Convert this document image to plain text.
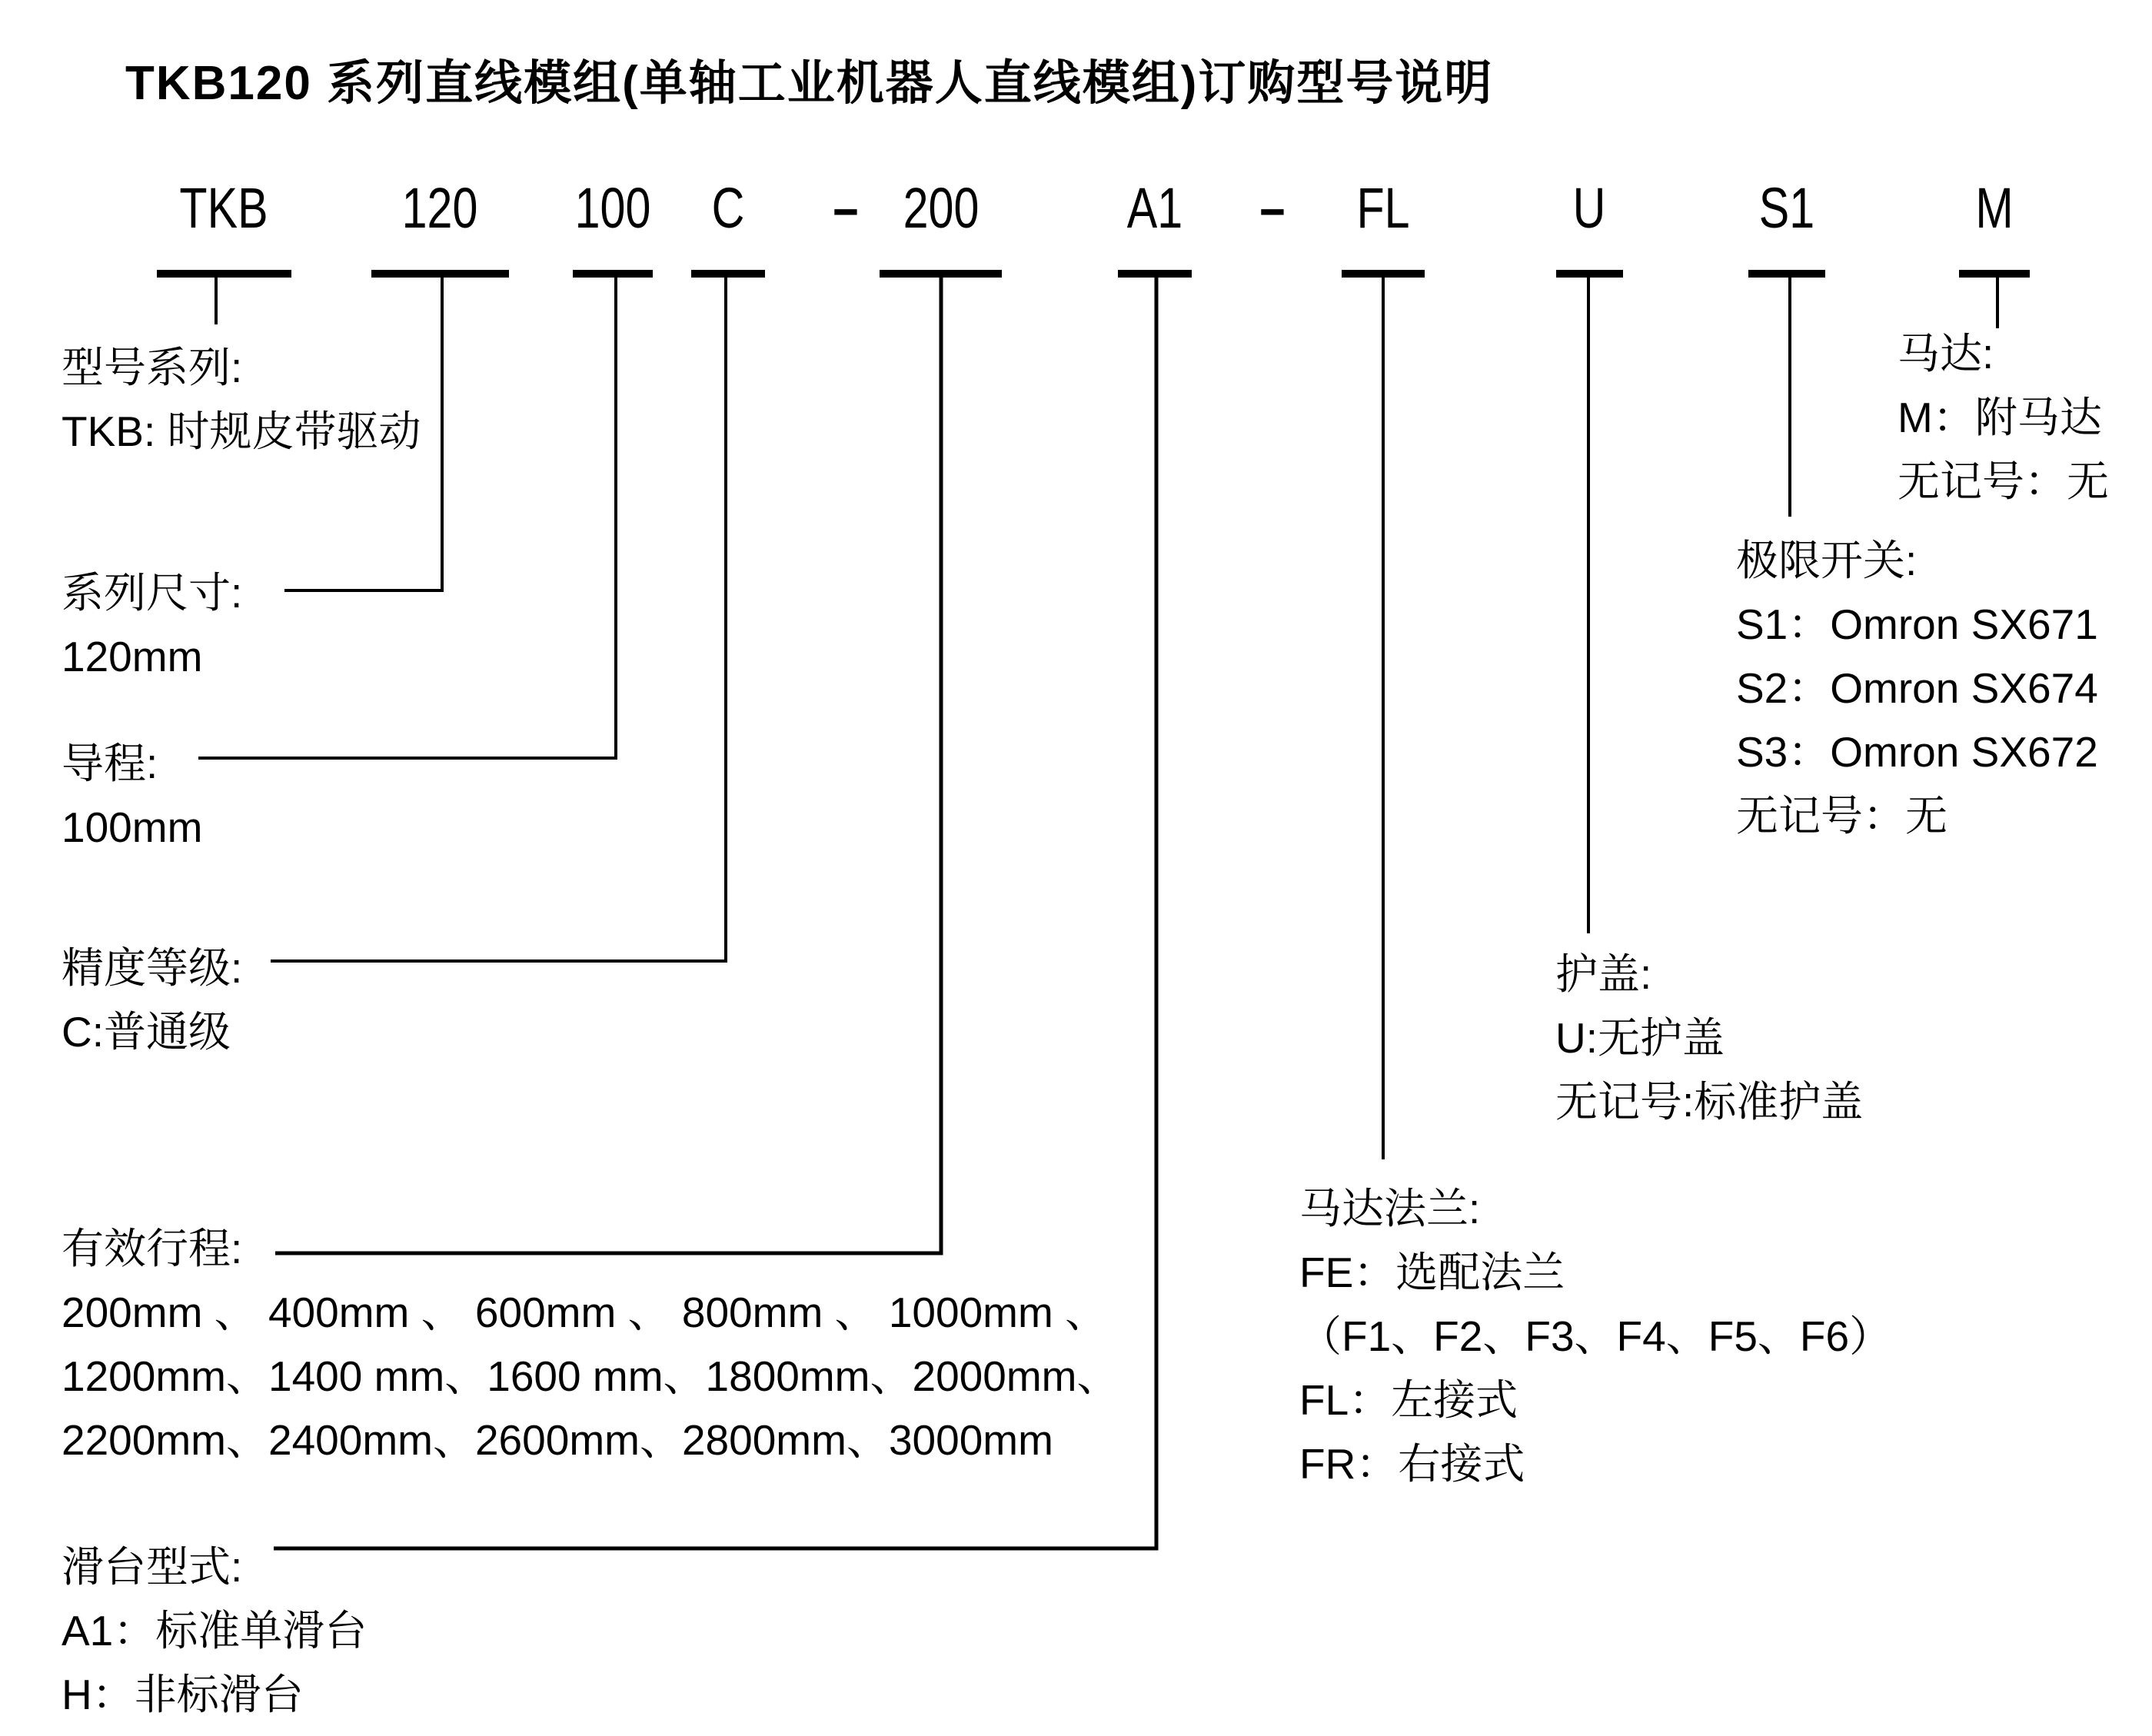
TKB120 系列直线模组(单轴工业机器人直线模组)订购型号说明
TKB	120	100	C	– 200	A1	–	FL	U	S1	M
型号系列:
TKB: 时规皮带驱动
系列尺寸:
120mm
导程:
100mm
精度等级:
C:普通级
有效行程:
200mm 、 400mm 、 600mm 、 800mm 、 1000mm 、
1200mm、1400 mm、1600 mm、1800mm、2000mm、
2200mm、2400mm、2600mm、2800mm、3000mm
滑台型式:
A1：标准单滑台
H：非标滑台
马达法兰:
FE：选配法兰
（F1、F2、F3、F4、F5、F6）
FL：左接式
FR：右接式
护盖:
U:无护盖
无记号:标准护盖
极限开关:
S1：Omron SX671
S2：Omron SX674
S3：Omron SX672
无记号：无
马达:
M：附马达
无记号：无
